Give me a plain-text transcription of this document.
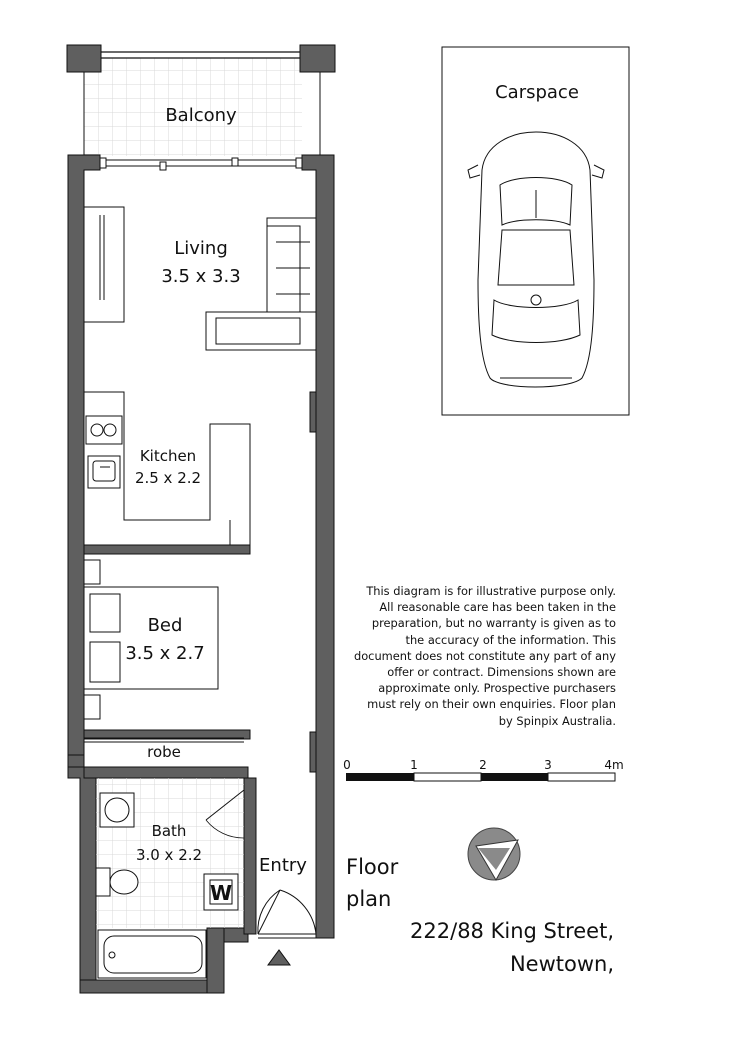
Balcony
Living
3.5 x 3.3
Kitchen
2.5 x 2.2
Bed
3.5 x 2.7
robe
Bath
3.0 x 2.2
W
Entry
Carspace
0	1	2	3	4m
This diagram is for illustrative purpose only. All reasonable care has been taken in the preparation, but no warranty is given as to the accuracy of the information. This document does not constitute any part of any offer or contract. Dimensions shown are approximate only. Prospective purchasers must rely on their own enquiries. Floor plan by Spinpix Australia.
Floor
plan
222/88 King Street,
Newtown,
